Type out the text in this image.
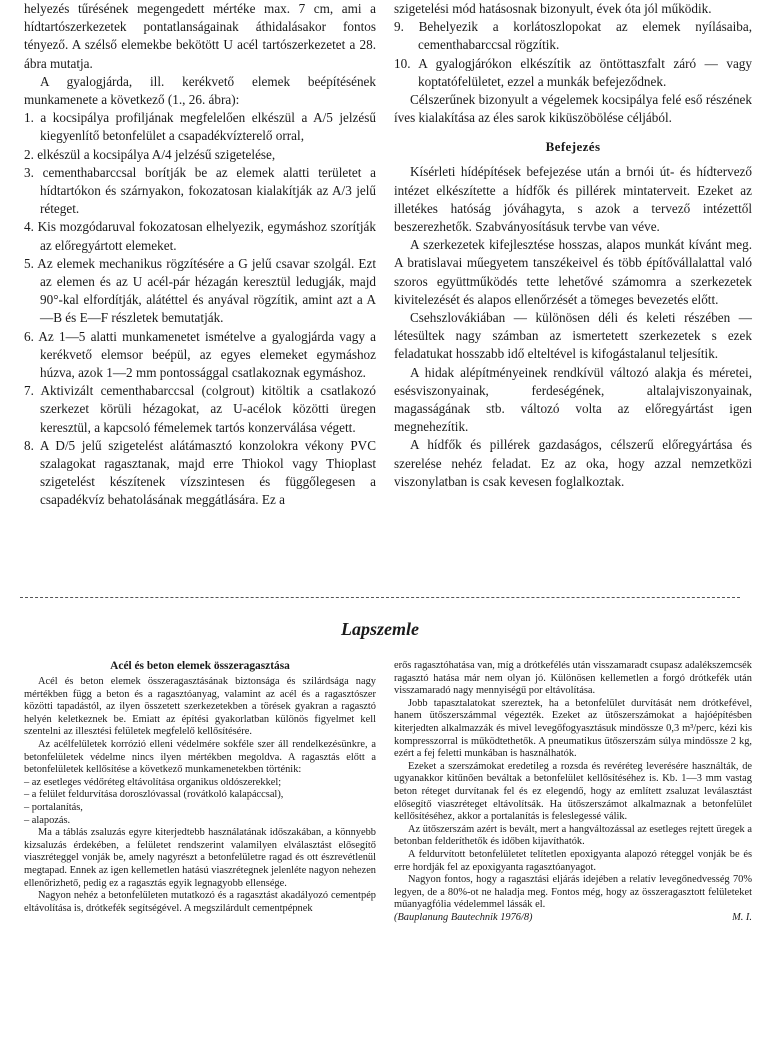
helyezés tűrésének megengedett mértéke max. 7 cm, ami a hídtartószerkezetek pontatlanságainak áthidalásakor fontos tényező. A szélső elemekbe bekötött U acél tartószerkezetet a 28. ábra mutatja.

A gyalogjárda, ill. kerékvető elemek beépítésének munkamenete a következő (1., 26. ábra):

1. a kocsipálya profiljának megfelelően elkészül a A/5 jelzésű kiegyenlítő betonfelület a csapadékvízterelő orral,

2. elkészül a kocsipálya A/4 jelzésű szigetelése,

3. cementhabarccsal borítják be az elemek alatti területet a hídtartókon és szárnyakon, fokozatosan kialakítják az A/3 jelű réteget.

4. Kis mozgódaruval fokozatosan elhelyezik, egymáshoz szorítják az előregyártott elemeket.

5. Az elemek mechanikus rögzítésére a G jelű csavar szolgál. Ezt az elemen és az U acél-pár hézagán keresztül ledugják, majd 90°-kal elfordítják, alátéttel és anyával rögzítik, amint azt a A—B és E—F részletek bemutatják.

6. Az 1—5 alatti munkamenetet ismételve a gyalogjárda vagy a kerékvető elemsor beépül, az egyes elemeket egymáshoz húzva, azok 1—2 mm pontossággal csatlakoznak egymáshoz.

7. Aktivizált cementhabarccsal (colgrout) kitöltik a csatlakozó szerkezet körüli hézagokat, az U-acélok közötti üregen keresztül, a kapcsoló fémelemek tartós konzerválása végett.

8. A D/5 jelű szigetelést alátámasztó konzolokra vékony PVC szalagokat ragasztanak, majd erre Thiokol vagy Thioplast szigetelést készítenek vízszintesen és függőlegesen a csapadékvíz behatolásának meggátlására. Ez a

szigetelési mód hatásosnak bizonyult, évek óta jól működik.

9. Behelyezik a korlátoszlopokat az elemek nyílásaiba, cementhabarccsal rögzítik.

10. A gyalogjárókon elkészítik az öntöttaszfalt záró — vagy koptatófelületet, ezzel a munkák befejeződnek.

Célszerűnek bizonyult a végelemek kocsipálya felé eső részének íves kialakítása az éles sarok kiküszöbölése céljából.

Befejezés

Kísérleti hídépítések befejezése után a brnói út- és hídtervező intézet elkészítette a hídfők és pillérek mintaterveit. Ezeket az illetékes hatóság jóváhagyta, s azok a tervező intézettől beszerezhetők. Szabványosításuk tervbe van véve.

A szerkezetek kifejlesztése hosszas, alapos munkát kívánt meg. A bratislavai műegyetem tanszékeivel és több építővállalattal való szoros együttműködés tette lehetővé számomra a szerkezetek kivitelezését és alapos ellenőrzését a tömeges bevezetés előtt.

Csehszlovákiában — különösen déli és keleti részében — létesültek nagy számban az ismertetett szerkezetek s ezek feladatukat hosszabb idő elteltével is kifogástalanul teljesítik.

A hidak alépítményeinek rendkívül változó alakja és méretei, esésviszonyainak, ferdeségének, altalajviszonyainak, magasságának stb. változó volta az előregyártást igen megnehezítik.

A hídfők és pillérek gazdaságos, célszerű előregyártása és szerelése nehéz feladat. Ez az oka, hogy azzal nemzetközi viszonylatban is csak kevesen foglalkoztak.

Lapszemle
Acél és beton elemek összeragasztása

Acél és beton elemek összeragasztásának biztonsága és szilárdsága nagy mértékben függ a beton és a ragasztóanyag, valamint az acél és a ragasztószer közötti tapadástól, az ilyen összetett szerkezetekben a törések gyakran a ragasztó helyén keletkeznek be. Emiatt az építési gyakorlatban különös figyelmet kell szentelni az illesztési felületek megfelelő kellősítésére.

Az acélfelületek korrózió elleni védelmére sokféle szer áll rendelkezésünkre, a betonfelületek védelme nincs ilyen mértékben megoldva. A ragasztás előtt a betonfelületek kellősítése a következő munkamenetekben történik:

– az esetleges védőréteg eltávolítása organikus oldószerekkel;

– a felület feldurvítása doroszlóvassal (rovátkoló kalapáccsal),

– portalanítás,

– alapozás.

Ma a táblás zsaluzás egyre kiterjedtebb használatának időszakában, a könnyebb kizsaluzás érdekében, a felületet rendszerint valamilyen elválasztást elősegítő viaszréteggel vonják be, amely nagyrészt a betonfelületre ragad és ott észrevétlenül megtapad. Ennek az igen kellemetlen hatású viaszrétegnek jelenléte nagyon nehezen ellenőrizhető, pedig ez a ragasztás egyik legnagyobb ellensége.

Nagyon nehéz a betonfelületen mutatkozó és a ragasztást akadályozó cementpép eltávolítása is, drótkefék segítségével. A megszilárdult cementpépnek

erős ragasztóhatása van, míg a drótkefélés után visszamaradt csupasz adalékszemcsék ragasztó hatása már nem olyan jó. Különösen kellemetlen a forgó drótkefék után visszamaradó nagy mennyiségű por eltávolítása.

Jobb tapasztalatokat szereztek, ha a betonfelület durvítását nem drótkefével, hanem ütőszerszámmal végezték. Ezeket az ütőszerszámokat a hajóépítésben kiterjedten alkalmazzák és mivel levegőfogyasztásuk mindössze 0,3 m³/perc, kézi kis kompresszorral is működtethetők. A pneumatikus ütőszerszám súlya mindössze 2 kg, ezért a fej feletti munkában is használhatók.

Ezeket a szerszámokat eredetileg a rozsda és revéréteg leverésére használták, de ugyanakkor kitűnően beváltak a betonfelület kellősítéséhez is. Kb. 1—3 mm vastag beton réteget durvítanak fel és ez elegendő, hogy az említett zsaluzat leválasztást elősegítő viaszréteget eltávolítsák. Ha ütőszerszámot alkalmaznak a betonfelület kellősítéséhez, akkor a portalanítás is feleslegessé válik.

Az ütőszerszám azért is bevált, mert a hangváltozással az esetleges rejtett üregek a betonban felderíthetők és időben kijavíthatók.

A feldurvított betonfelületet telítetlen epoxigyanta alapozó réteggel vonják be és erre hordják fel az epoxigyanta ragasztóanyagot.

Nagyon fontos, hogy a ragasztási eljárás idejében a relatív levegőnedvesség 70% legyen, de a 80%-ot ne haladja meg. Fontos még, hogy az összeragasztott felületeket műanyagfólia védelemmel lássák el.

(Bauplanung Bautechnik 1976/8)	M. I.
